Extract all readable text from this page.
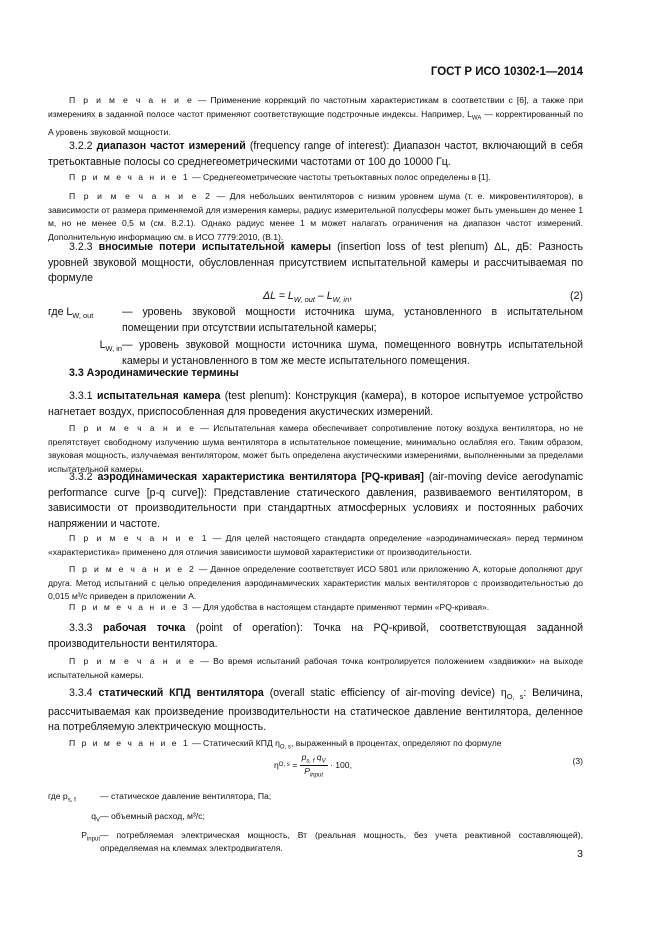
ГОСТ Р ИСО 10302-1—2014
П р и м е ч а н и е — Применение коррекций по частотным характеристикам в соответствии с [6], а также при измерениях в заданной полосе частот применяют соответствующие подстрочные индексы. Например, $L_{WA}$ — корректированный по A уровень звуковой мощности.
3.2.2 диапазон частот измерений (frequency range of interest): Диапазон частот, включающий в себя третьоктавные полосы со среднегеометрическими частотами от 100 до 10000 Гц.
П р и м е ч а н и е 1 — Среднегеометрические частоты третьоктавных полос определены в [1].
П р и м е ч а н и е 2 — Для небольших вентиляторов с низким уровнем шума (т. е. микровентиляторов), в зависимости от размера применяемой для измерения камеры, радиус измерительной полусферы может быть уменьшен до менее 1 м, но не менее 0,5 м (см. 8.2.1). Однако радиус менее 1 м может налагать ограничения на диапазон частот измерений. Дополнительную информацию см. в ИСО 7779:2010, (В.1).
3.2.3 вносимые потери испытательной камеры (insertion loss of test plenum) ΔL, дБ: Разность уровней звуковой мощности, обусловленная присутствием испытательной камеры и рассчитываемая по формуле
$\Delta L = L_{W, out} - L_{W, in}$,	(2)
где $L_{W, out}$	— уровень звуковой мощности источника шума, установленного в испытательном помещении при отсутствии испытательной камеры;
$L_{W, in}$ — уровень звуковой мощности источника шума, помещенного вовнутрь испытательной камеры и установленного в том же месте испытательного помещения.
3.3 Аэродинамические термины
3.3.1 испытательная камера (test plenum): Конструкция (камера), в которое испытуемое устройство нагнетает воздух, приспособленная для проведения акустических измерений.
П р и м е ч а н и е — Испытательная камера обеспечивает сопротивление потоку воздуха вентилятора, но не препятствует свободному излучению шума вентилятора в испытательное помещение, минимально ослабляя его. Таким образом, звуковая мощность, излучаемая вентилятором, может быть определена акустическими измерениями, выполненными за пределами испытательной камеры.
3.3.2 аэродинамическая характеристика вентилятора [PQ-кривая] (air-moving device aerodynamic performance curve [p-q curve]): Представление статического давления, развиваемого вентилятором, в зависимости от производительности при стандартных атмосферных условиях и постоянных рабочих напряжении и частоте.
П р и м е ч а н и е 1 — Для целей настоящего стандарта определение «аэродинамическая» перед термином «характеристика» применено для отличия зависимости шумовой характеристики от производительности.
П р и м е ч а н и е 2 — Данное определение соответствует ИСО 5801 или приложению А, которые дополняют друг друга. Метод испытаний с целью определения аэродинамических характеристик малых вентиляторов с производительностью до 0,015 м³/с приведен в приложении А.
П р и м е ч а н и е 3 — Для удобства в настоящем стандарте применяют термин «PQ-кривая».
3.3.3 рабочая точка (point of operation): Точка на PQ-кривой, соответствующая заданной производительности вентилятора.
П р и м е ч а н и е — Во время испытаний рабочая точка контролируется положением «задвижки» на выходе испытательной камеры.
3.3.4 статический КПД вентилятора (overall static efficiency of air-moving device) $\eta_{O, s}$: Величина, рассчитываемая как произведение производительности на статическое давление вентилятора, деленное на потребляемую электрическую мощность.
П р и м е ч а н и е 1 — Статический КПД $\eta_{O, s}$, выраженный в процентах, определяют по формуле
η O, s =
$p_{s, f}$ $q_V$
$P_{input}$
· 100,	(3)
где $p_{s, f}$	— статическое давление вентилятора, Па;
$q_V$ — объемный расход, м³/с;
$P_{input}$ — потребляемая электрическая мощность, Вт (реальная мощность, без учета реактивной составляющей), определяемая на клеммах электродвигателя.	3
